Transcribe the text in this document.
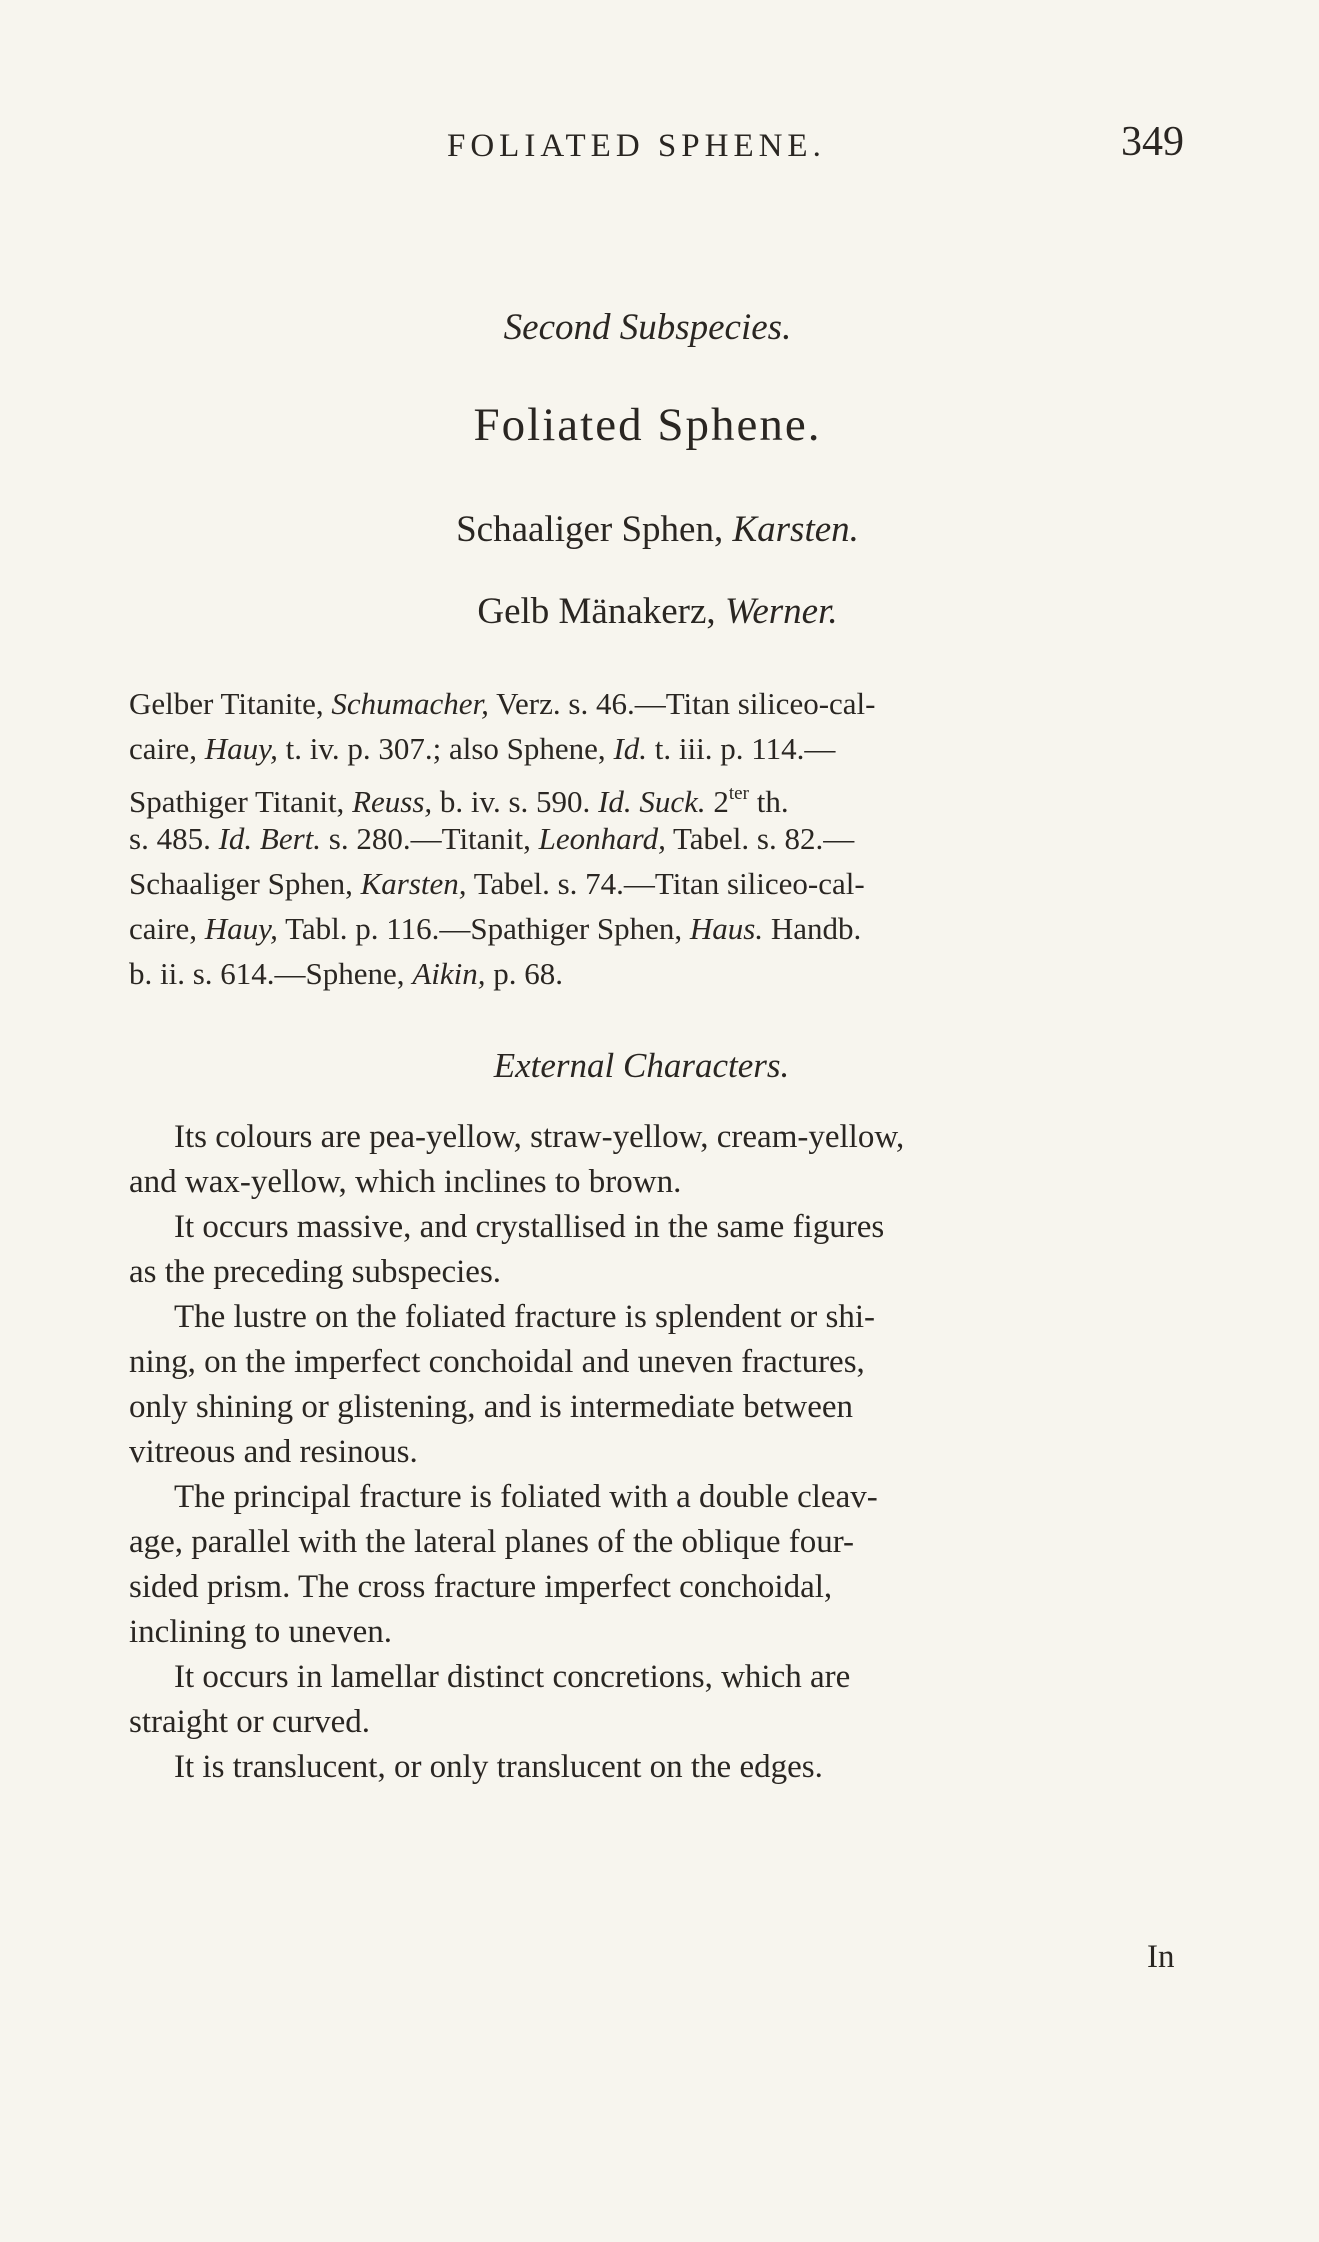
FOLIATED SPHENE.	349
Second Subspecies.
Foliated Sphene.
Schaaliger Sphen, Karsten.
Gelb Mänakerz, Werner.
Gelber Titanite, Schumacher, Verz. s. 46.—Titan siliceo-cal-
caire, Hauy, t. iv. p. 307.; also Sphene, Id. t. iii. p. 114.—
Spathiger Titanit, Reuss, b. iv. s. 590. Id. Suck. $2^{ter}$ th.
s. 485. Id. Bert. s. 280.—Titanit, Leonhard, Tabel. s. 82.—
Schaaliger Sphen, Karsten, Tabel. s. 74.—Titan siliceo-cal-
caire, Hauy, Tabl. p. 116.—Spathiger Sphen, Haus. Handb.
b. ii. s. 614.—Sphene, Aikin, p. 68.
External Characters.
Its colours are pea-yellow, straw-yellow, cream-yellow,
and wax-yellow, which inclines to brown.
It occurs massive, and crystallised in the same figures
as the preceding subspecies.
The lustre on the foliated fracture is splendent or shi-
ning, on the imperfect conchoidal and uneven fractures,
only shining or glistening, and is intermediate between
vitreous and resinous.
The principal fracture is foliated with a double cleav-
age, parallel with the lateral planes of the oblique four-
sided prism. The cross fracture imperfect conchoidal,
inclining to uneven.
It occurs in lamellar distinct concretions, which are
straight or curved.
It is translucent, or only translucent on the edges.
In
